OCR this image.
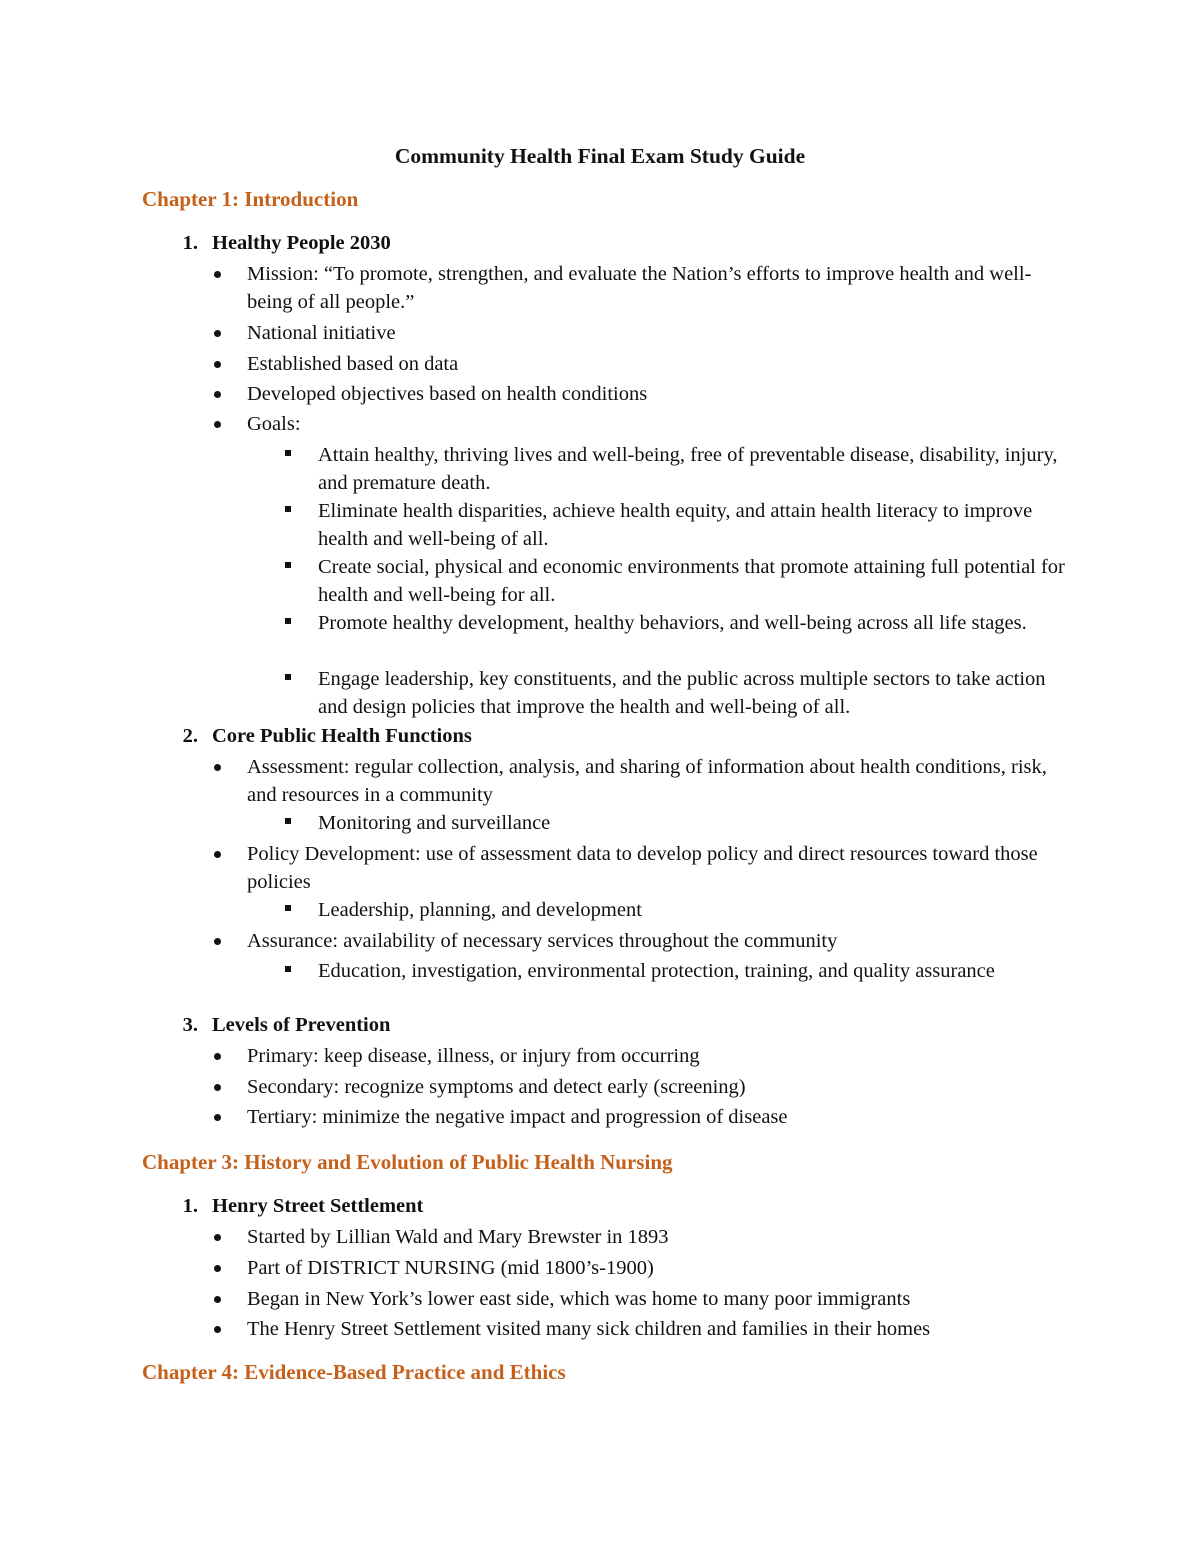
Community Health Final Exam Study Guide
Chapter 1: Introduction
1. Healthy People 2030
Mission: “To promote, strengthen, and evaluate the Nation’s efforts to improve health and well-being of all people.”
National initiative
Established based on data
Developed objectives based on health conditions
Goals:
Attain healthy, thriving lives and well-being, free of preventable disease, disability, injury, and premature death.
Eliminate health disparities, achieve health equity, and attain health literacy to improve health and well-being of all.
Create social, physical and economic environments that promote attaining full potential for health and well-being for all.
Promote healthy development, healthy behaviors, and well-being across all life stages.
Engage leadership, key constituents, and the public across multiple sectors to take action and design policies that improve the health and well-being of all.
2. Core Public Health Functions
Assessment: regular collection, analysis, and sharing of information about health conditions, risk, and resources in a community
Monitoring and surveillance
Policy Development: use of assessment data to develop policy and direct resources toward those policies
Leadership, planning, and development
Assurance: availability of necessary services throughout the community
Education, investigation, environmental protection, training, and quality assurance
3. Levels of Prevention
Primary: keep disease, illness, or injury from occurring
Secondary: recognize symptoms and detect early (screening)
Tertiary: minimize the negative impact and progression of disease
Chapter 3: History and Evolution of Public Health Nursing
1. Henry Street Settlement
Started by Lillian Wald and Mary Brewster in 1893
Part of DISTRICT NURSING (mid 1800’s-1900)
Began in New York’s lower east side, which was home to many poor immigrants
The Henry Street Settlement visited many sick children and families in their homes
Chapter 4: Evidence-Based Practice and Ethics
